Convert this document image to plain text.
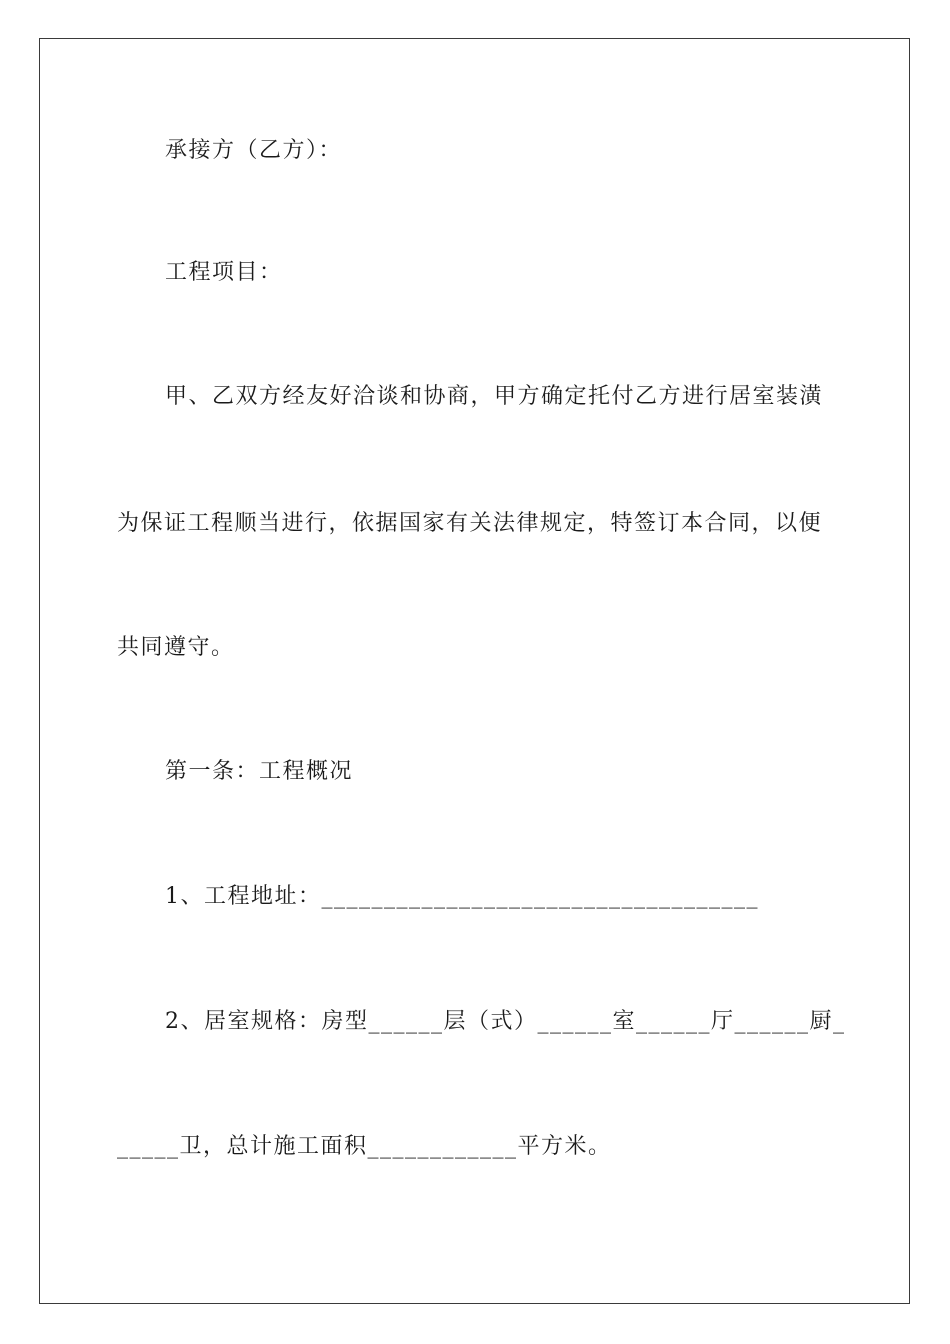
承接方（乙方）：
工程项目：
甲、乙双方经友好洽谈和协商，甲方确定托付乙方进行居室装潢
为保证工程顺当进行，依据国家有关法律规定，特签订本合同，以便
共同遵守。
第一条：工程概况
1、工程地址：___________________________________
2、居室规格：房型______层（式）______室______厅______厨_
_____卫，总计施工面积____________平方米。
